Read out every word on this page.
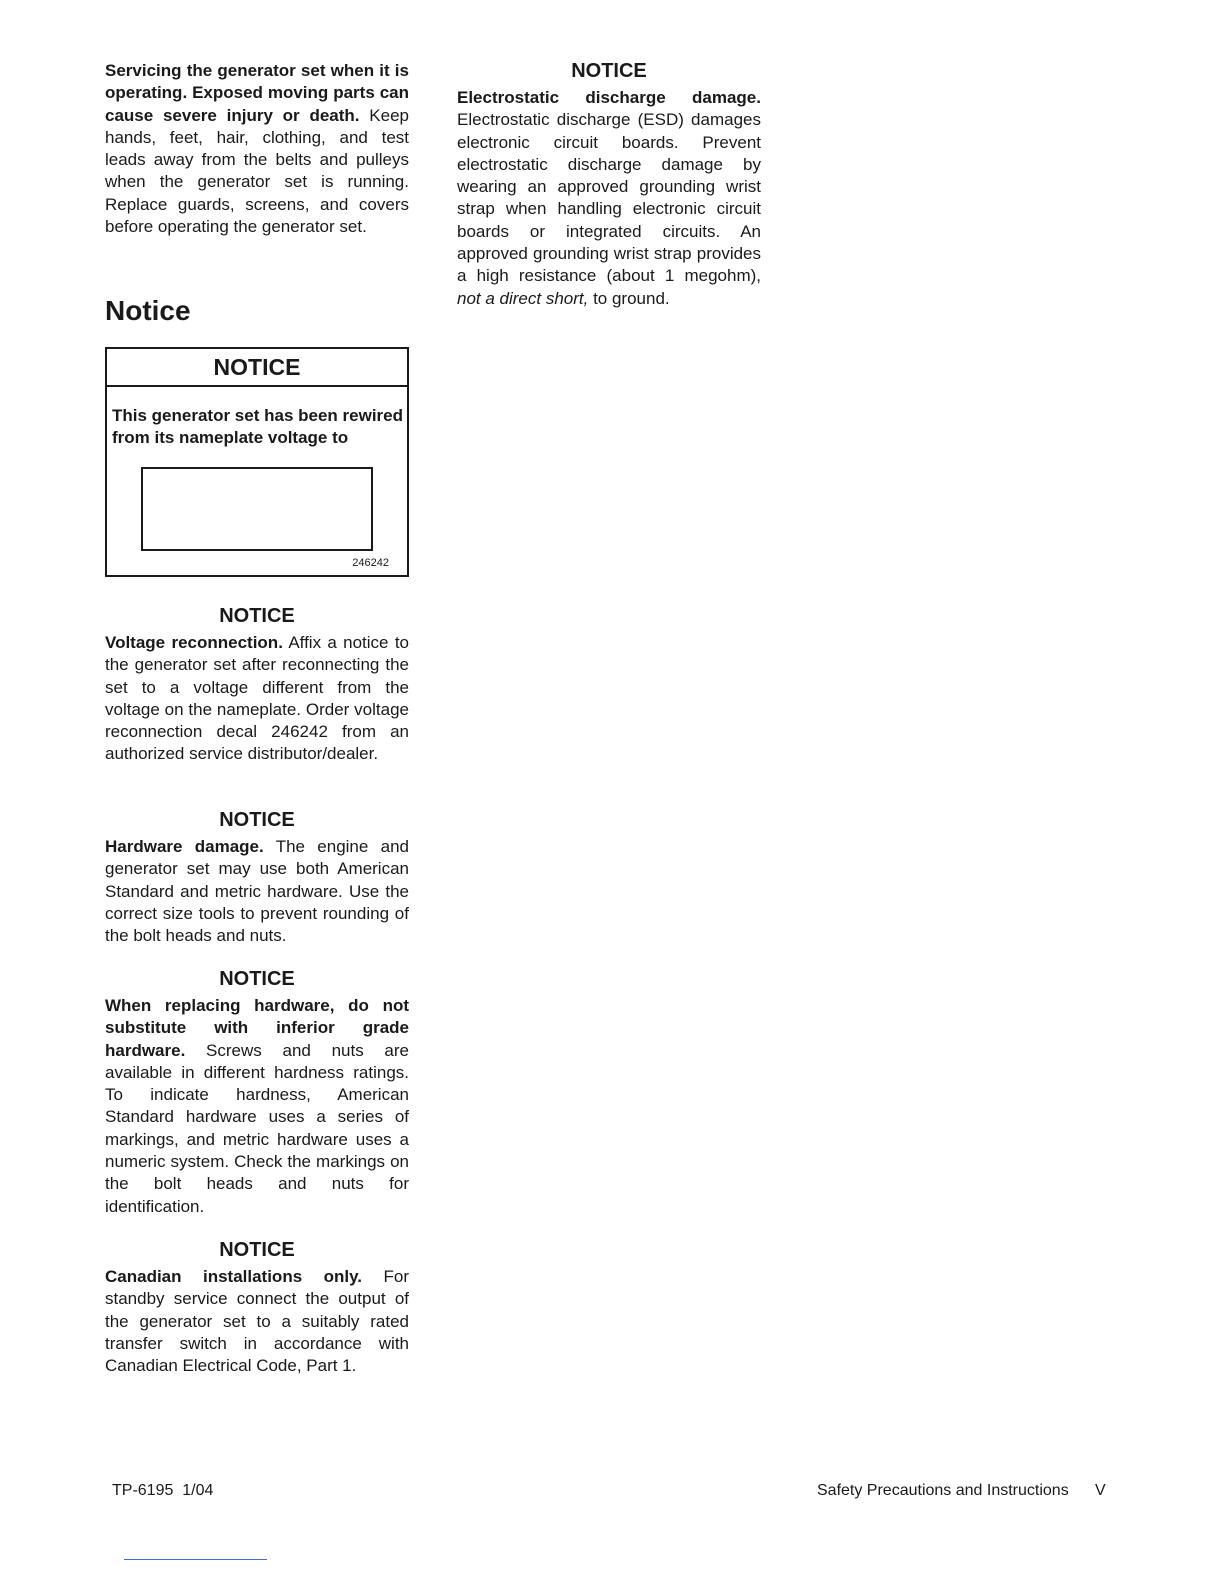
Servicing the generator set when it is operating. Exposed moving parts can cause severe injury or death. Keep hands, feet, hair, clothing, and test leads away from the belts and pulleys when the generator set is running. Replace guards, screens, and covers before operating the generator set.

Notice
NOTICE
This generator set has been rewired from its nameplate voltage to
246242
NOTICE

Voltage reconnection. Affix a notice to the generator set after reconnecting the set to a voltage different from the voltage on the nameplate. Order voltage reconnection decal 246242 from an authorized service distributor/dealer.

NOTICE

Hardware damage. The engine and generator set may use both American Standard and metric hardware. Use the correct size tools to prevent rounding of the bolt heads and nuts.

NOTICE

When replacing hardware, do not substitute with inferior grade hardware. Screws and nuts are available in different hardness ratings. To indicate hardness, American Standard hardware uses a series of markings, and metric hardware uses a numeric system. Check the markings on the bolt heads and nuts for identification.

NOTICE

Canadian installations only. For standby service connect the output of the generator set to a suitably rated transfer switch in accordance with Canadian Electrical Code, Part 1.

NOTICE

Electrostatic discharge damage. Electrostatic discharge (ESD) damages electronic circuit boards. Prevent electrostatic discharge damage by wearing an approved grounding wrist strap when handling electronic circuit boards or integrated circuits. An approved grounding wrist strap provides a high resistance (about 1 megohm), not a direct short, to ground.

TP-6195  1/04	Safety Precautions and Instructions V
